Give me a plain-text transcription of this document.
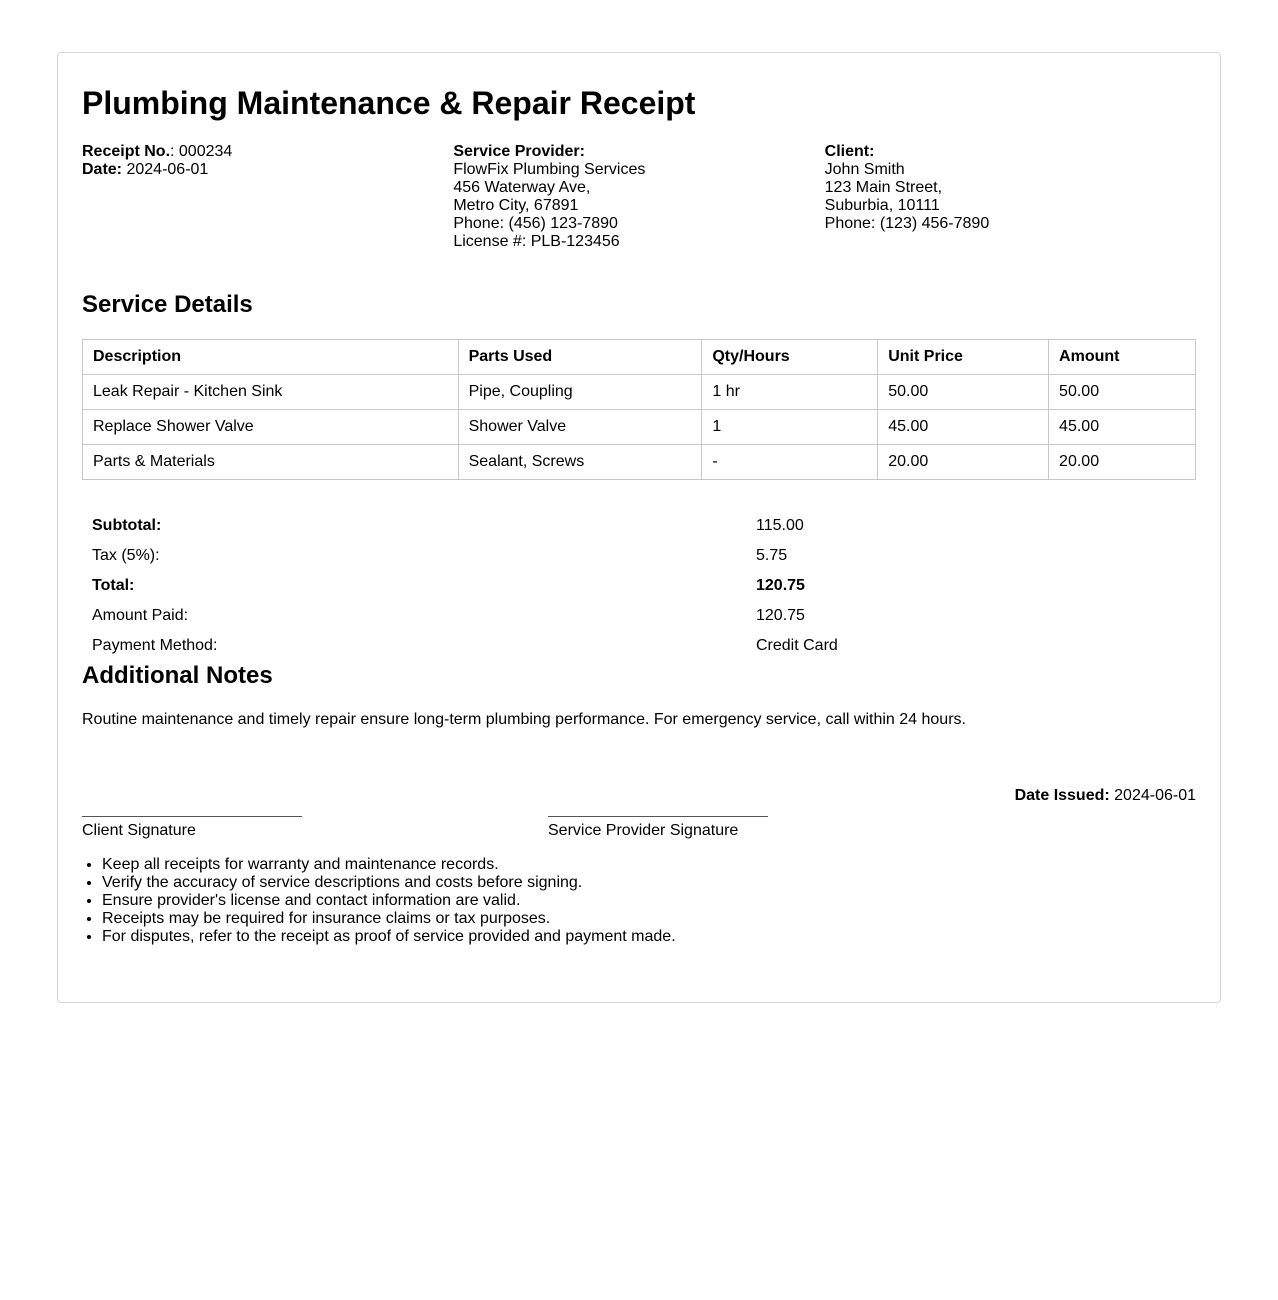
Plumbing Maintenance & Repair Receipt
Receipt No.: 000234
Date: 2024-06-01
Service Provider:
FlowFix Plumbing Services
456 Waterway Ave,
Metro City, 67891
Phone: (456) 123-7890
License #: PLB-123456
Client:
John Smith
123 Main Street,
Suburbia, 10111
Phone: (123) 456-7890
Service Details
Description	Parts Used	Qty/Hours	Unit Price	Amount
Leak Repair - Kitchen Sink	Pipe, Coupling	1 hr	50.00	50.00
Replace Shower Valve	Shower Valve	1	45.00	45.00
Parts & Materials	Sealant, Screws	-	20.00	20.00
Subtotal:	115.00
Tax (5%):	5.75
Total:	120.75
Amount Paid:	120.75
Payment Method:	Credit Card
Additional Notes

Routine maintenance and timely repair ensure long-term plumbing performance. For emergency service, call within 24 hours.

Date Issued: 2024-06-01
Client Signature	Service Provider Signature
• Keep all receipts for warranty and maintenance records.
• Verify the accuracy of service descriptions and costs before signing.
• Ensure provider's license and contact information are valid.
• Receipts may be required for insurance claims or tax purposes.
• For disputes, refer to the receipt as proof of service provided and payment made.
